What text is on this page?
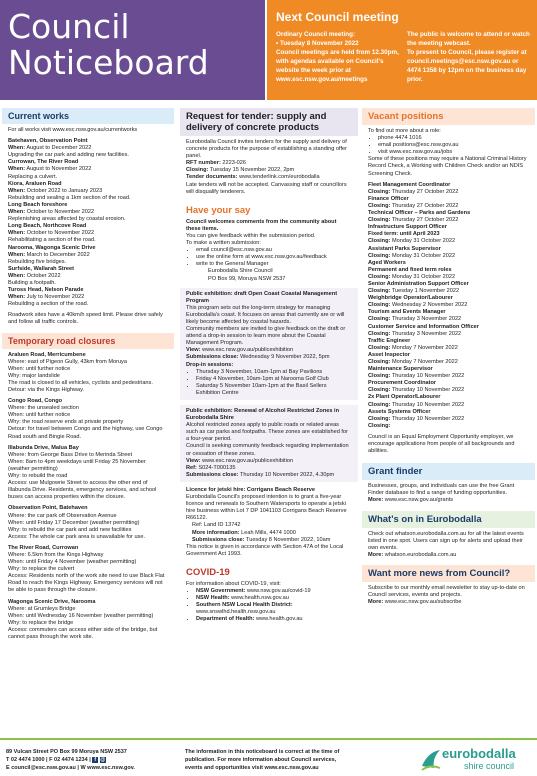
Council
Noticeboard
Next Council meeting
Ordinary Council meeting:
• Tuesday 8 November 2022
Council meetings are held from 12.30pm, with agendas available on Council's website the week prior at www.esc.nsw.gov.au/meetings
The public is welcome to attend or watch the meeting webcast.
To present to Council, please register at council.meetings@esc.nsw.gov.au or 4474 1358 by 12pm on the business day prior.
Current works

For all works visit www.esc.nsw.gov.au/currentworks

Batehaven, Observation Point

When: August to December 2022

Upgrading the car park and adding new facilities.

Currowan, The River Road

When: August to November 2022

Replacing a culvert.

Kiora, Araluen Road

When: October 2022 to January 2023

Rebuilding and sealing a 1km section of the road.

Long Beach foreshore

When: October to November 2022

Replenishing areas affected by coastal erosion.

Long Beach, Northcove Road

When: October to November 2022

Rehabilitating a section of the road.

Narooma, Wagonga Scenic Drive

When: March to December 2022

Rebuilding five bridges.

Surfside, Wallarah Street

When: October 2022

Building a footpath.

Tuross Head, Nelson Parade

When: July to November 2022

Rebuilding a section of the road.

Roadwork sites have a 40km/h speed limit. Please drive safely and follow all traffic controls.

Temporary road closures

Araluen Road, Merricumbene

Where: east of Pigeon Gully, 43km from Moruya

When: until further notice

Why: major landslide

The road is closed to all vehicles, cyclists and pedestrians.

Detour: via the Kings Highway.

Congo Road, Congo

Where: the unsealed section

When: until further notice

Why: the road reserve ends at private property

Detour: for travel between Congo and the highway, use Congo Road south and Bingie Road.

Illabunda Drive, Malua Bay

Where: from George Bass Drive to Merinda Street

When: 8am to 4pm weekdays until Friday 25 November (weather permitting)

Why: to rebuild the road

Access: use Mulgowrie Street to access the other end of Illabunda Drive. Residents, emergency services, and school buses can access properties within the closure.

Observation Point, Batehaven

Where: the car park off Observation Avenue

When: until Friday 17 December (weather permitting)

Why: to rebuild the car park and add new facilities

Access: The whole car park area is unavailable for use.

The River Road, Currowan

Where: 6.5km from the Kings Highway

When: until Friday 4 November (weather permitting)

Why: to replace the culvert

Access: Residents north of the work site need to use Black Flat Road to reach the Kings Highway. Emergency services will not be able to pass through the closure.

Wagonga Scenic Drive, Narooma

Where: at Grumleys Bridge

When: until Wednesday 16 November (weather permitting)

Why: to replace the bridge

Access: commuters can access either side of the bridge, but cannot pass through the work site.

Request for tender: supply and
delivery of concrete products

Eurobodalla Council invites tenders for the supply and delivery of concrete products for the purpose of establishing a standing offer panel.

RFT number: 2223-026

Closing: Tuesday 15 November 2022, 2pm

Tender documents: www.tenderlink.com/eurobodalla

Late tenders will not be accepted. Canvassing staff or councillors will disqualify tenderers.

Have your say

Council welcomes comments from the community about these items.

You can give feedback within the submission period.

To make a written submission:

• email council@esc.nsw.gov.au
• use the online form at www.esc.nsw.gov.au/feedback
• write to the General Manager

Eurobodalla Shire Council

PO Box 99, Moruya NSW 2537

Public exhibition: draft Open Coast Coastal Management Program

This program sets out the long-term strategy for managing Eurobodalla's coast. It focuses on areas that currently are or will likely become affected by coastal hazards.

Community members are invited to give feedback on the draft or attend a drop-in session to learn more about the Coastal Management Program.

View: www.esc.nsw.gov.au/publicexhibition

Submissions close: Wednesday 9 November 2022, 5pm

Drop-in sessions:

• Thursday 3 November, 10am-1pm at Bay Pavilions
• Friday 4 November, 10am-1pm at Narooma Golf Club
• Saturday 5 November 10am-1pm at the Basil Sellers Exhibition Centre

Public exhibition: Renewal of Alcohol Restricted Zones in Eurobodalla Shire

Alcohol restricted zones apply to public roads or related areas such as car parks and footpaths. These zones are established for a four-year period.

Council is seeking community feedback regarding implementation or cessation of these zones.

View: www.esc.nsw.gov.au/publicexhibition

Ref: S024-T000135

Submissions close: Thursday 10 November 2022, 4.30pm

Licence for jetski hire: Corrigans Beach Reserve

Eurobodalla Council's proposed intention is to grant a five-year licence and renewals to Southern Watersports to operate a jetski hire business within Lot 7 DP 1041103 Corrigans Beach Reserve R66122.

Ref: Land ID 13742

More information: Leah Mills, 4474 1000

Submissions close: Tuesday 8 November 2022, 10am

This notice is given in accordance with Section 47A of the Local Government Act 1993.

COVID-19

For information about COVID-19, visit:

• NSW Government: www.nsw.gov.au/covid-19
• NSW Health: www.health.nsw.gov.au
• Southern NSW Local Health District:
www.snswlhd.health.nsw.gov.au
• Department of Health: www.health.gov.au
Vacant positions

To find out more about a role:

• phone 4474 1016
• email positions@esc.nsw.gov.au
• visit www.esc.nsw.gov.au/jobs

Some of these positions may require a National Criminal History Record Check, a Working with Children Check and/or an NDIS Screening Check.

Fleet Management Coordinator

Closing: Thursday 27 October 2022

Finance Officer

Closing: Thursday 27 October 2022

Technical Officer – Parks and Gardens

Closing: Thursday 27 October 2022

Infrastructure Support Officer

Fixed term: until April 2023

Closing: Monday 31 October 2022

Assistant Parks Supervisor

Closing: Monday 31 October 2022

Aged Workers

Permanent and fixed term roles

Closing: Monday 31 October 2022

Senior Administration Support Officer

Closing: Tuesday 1 November 2022

Weighbridge Operator/Labourer

Closing: Wednesday 2 November 2022

Tourism and Events Manager

Closing: Thursday 3 November 2022

Customer Service and Information Officer

Closing: Thursday 3 November 2022

Traffic Engineer

Closing: Monday 7 November 2022

Asset Inspector

Closing: Monday 7 November 2022

Maintenance Supervisor

Closing: Thursday 10 November 2022

Procurement Coordinator

Closing: Thursday 10 November 2022

2x Plant Operator/Labourer

Closing: Thursday 10 November 2022

Assets Systems Officer

Closing: Thursday 10 November 2022

Closing:

Council is an Equal Employment Opportunity employer, we encourage applications from people of all backgrounds and abilities.

Grant finder

Businesses, groups, and individuals can use the free Grant Finder database to find a range of funding opportunities.

More: www.esc.nsw.gov.au/grants

What's on in Eurobodalla

Check out whatson.eurobodalla.com.au for all the latest events listed in one spot. Users can sign up for alerts and upload their own events.

More: whatson.eurobodalla.com.au

Want more news from Council?

Subscribe to our monthly email newsletter to stay up-to-date on Council services, events and projects.

More: www.esc.nsw.gov.au/subscribe

89 Vulcan Street PO Box 99 Moruya NSW 2537
T 02 4474 1000 | F 02 4474 1234 | f @
E council@esc.nsw.gov.au | W www.esc.nsw.gov.
The information in this noticeboard is correct at the time of publication. For more information about Council services, events and opportunities visit www.esc.nsw.gov.au
eurobodalla
shire council
